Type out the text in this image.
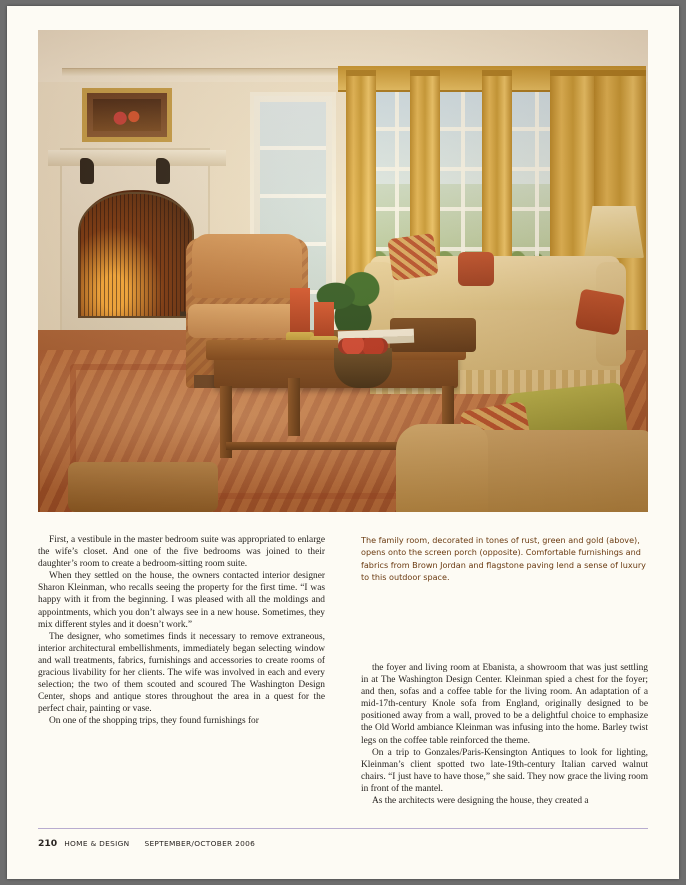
The family room, decorated in tones of rust, green and gold (above), opens onto the screen porch (opposite). Comfortable furnishings and fabrics from Brown Jordan and flagstone paving lend a sense of luxury to this outdoor space.

First, a vestibule in the master bedroom suite was appropriated to enlarge the wife’s closet. And one of the five bedrooms was joined to their daughter’s room to create a bedroom-sitting room suite.

When they settled on the house, the owners contacted interior designer Sharon Kleinman, who recalls seeing the property for the first time. “I was happy with it from the beginning. I was pleased with all the moldings and appointments, which you don’t always see in a new house. Sometimes, they mix different styles and it doesn’t work.”

The designer, who sometimes finds it necessary to remove extraneous, interior architectural embellishments, immediately began selecting window and wall treatments, fabrics, furnishings and accessories to create rooms of gracious livability for her clients. The wife was involved in each and every selection; the two of them scouted and scoured The Washington Design Center, shops and antique stores throughout the area in a quest for the perfect chair, painting or vase.

On one of the shopping trips, they found furnishings for

the foyer and living room at Ebanista, a showroom that was just settling in at The Washington Design Center. Kleinman spied a chest for the foyer; and then, sofas and a coffee table for the living room. An adaptation of a mid-17th-century Knole sofa from England, originally designed to be positioned away from a wall, proved to be a delightful choice to emphasize the Old World ambiance Kleinman was infusing into the home. Barley twist legs on the coffee table reinforced the theme.

On a trip to Gonzales/Paris-Kensington Antiques to look for lighting, Kleinman’s client spotted two late-19th-century Italian carved walnut chairs. “I just have to have those,” she said. They now grace the living room in front of the mantel.

As the architects were designing the house, they created a

210 HOME & DESIGN SEPTEMBER/OCTOBER 2006
